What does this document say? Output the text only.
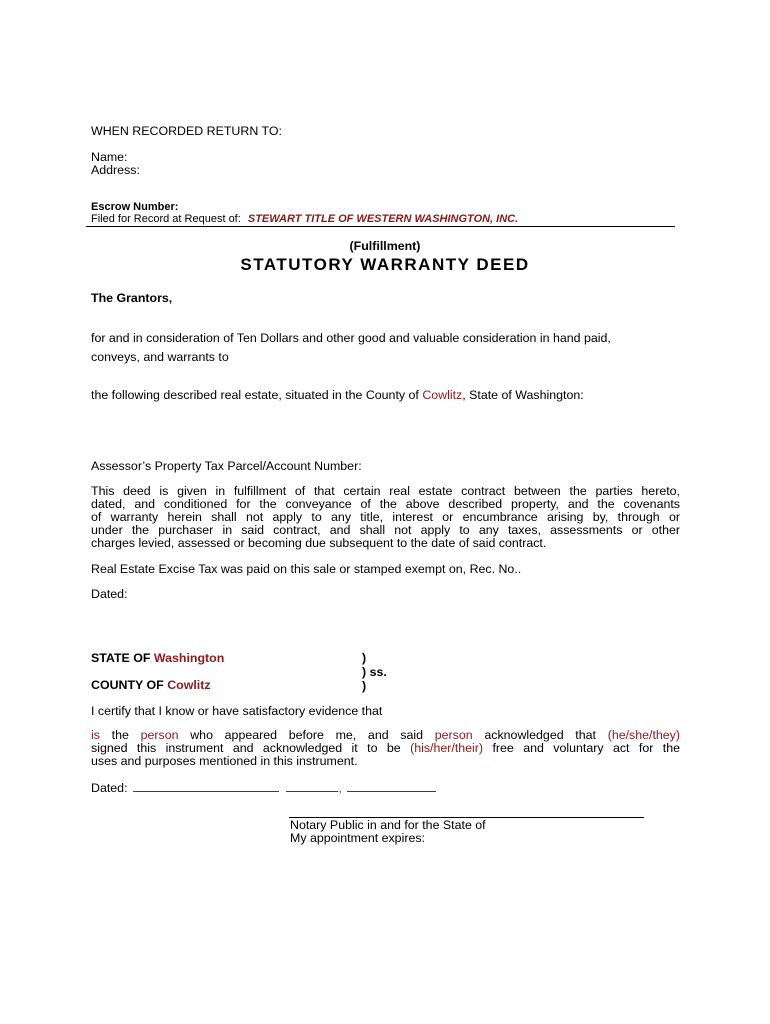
WHEN RECORDED RETURN TO:
Name:
Address:
Escrow Number:
Filed for Record at Request of: STEWART TITLE OF WESTERN WASHINGTON, INC.
(Fulfillment)
STATUTORY WARRANTY DEED
The Grantors,
for and in consideration of Ten Dollars and other good and valuable consideration in hand paid,
conveys, and warrants to
the following described real estate, situated in the County of Cowlitz, State of Washington:
Assessor’s Property Tax Parcel/Account Number:
This deed is given in fulfillment of that certain real estate contract between the parties hereto,
dated, and conditioned for the conveyance of the above described property, and the covenants
of warranty herein shall not apply to any title, interest or encumbrance arising by, through or
under the purchaser in said contract, and shall not apply to any taxes, assessments or other
charges levied, assessed or becoming due subsequent to the date of said contract.
Real Estate Excise Tax was paid on this sale or stamped exempt on, Rec. No..
Dated:
STATE OF Washington
COUNTY OF Cowlitz
)
) ss.
)
I certify that I know or have satisfactory evidence that
is the person who appeared before me, and said person acknowledged that (he/she/they)
signed this instrument and acknowledged it to be (his/her/their) free and voluntary act for the
uses and purposes mentioned in this instrument.
Dated:	,
Notary Public in and for the State of
My appointment expires:
